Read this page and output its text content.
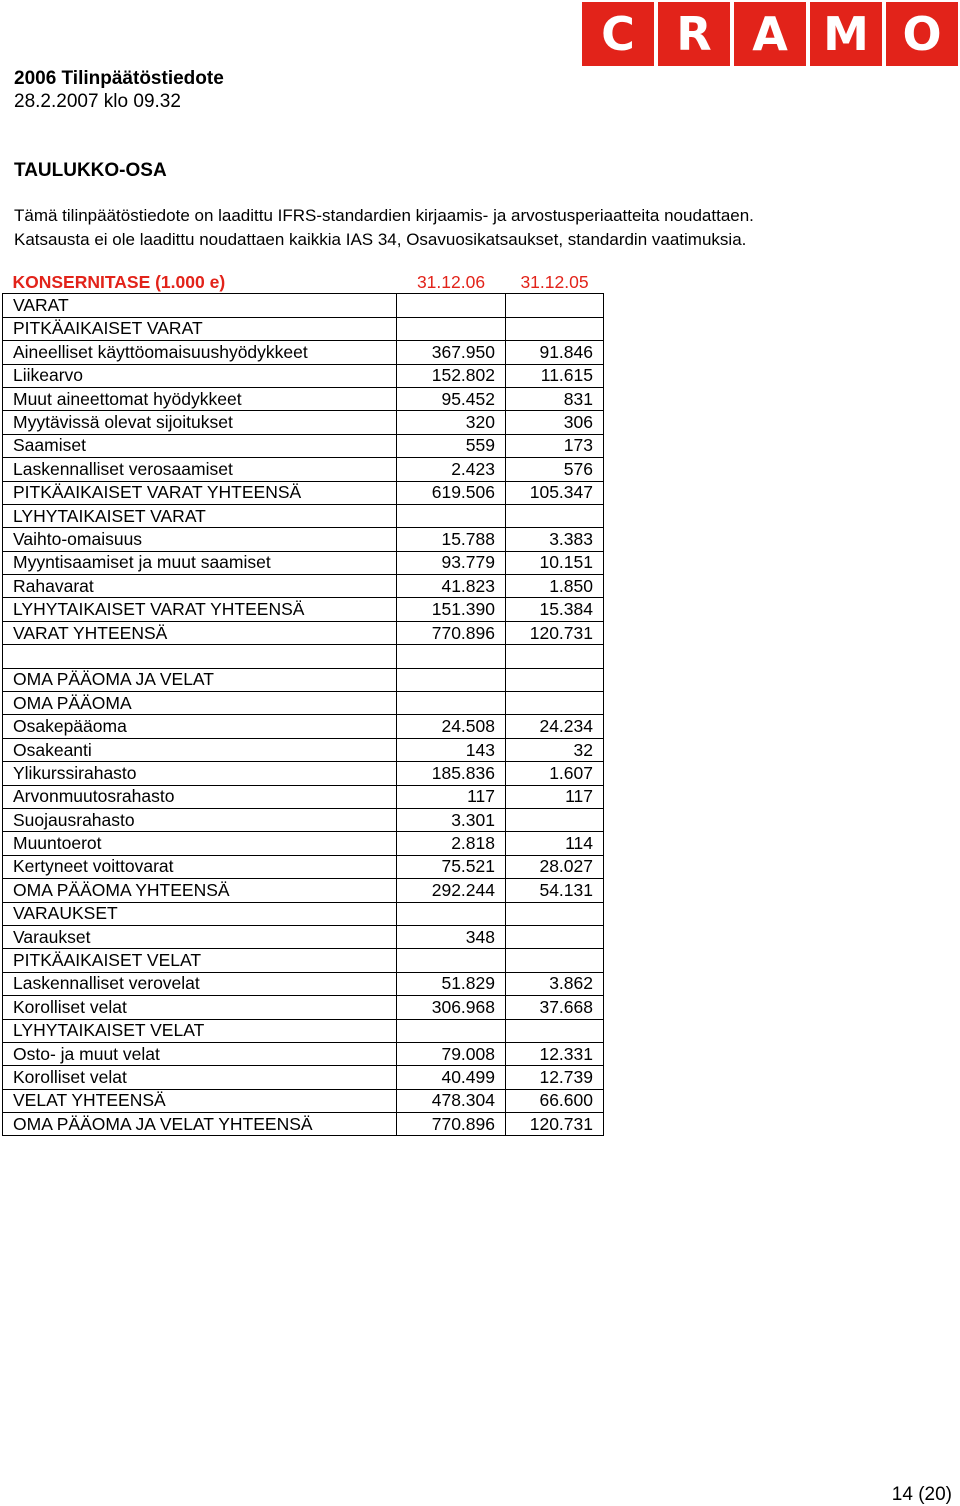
C R A M O
2006 Tilinpäätöstiedote
28.2.2007 klo 09.32
TAULUKKO-OSA
Tämä tilinpäätöstiedote on laadittu IFRS-standardien kirjaamis- ja arvostusperiaatteita noudattaen.
Katsausta ei ole laadittu noudattaen kaikkia IAS 34, Osavuosikatsaukset, standardin vaatimuksia.
KONSERNITASE (1.000 e)	31.12.06	31.12.05
VARAT		
PITKÄAIKAISET VARAT		
Aineelliset käyttöomaisuushyödykkeet	367.950	91.846
Liikearvo	152.802	11.615
Muut aineettomat hyödykkeet	95.452	831
Myytävissä olevat sijoitukset	320	306
Saamiset	559	173
Laskennalliset verosaamiset	2.423	576
PITKÄAIKAISET VARAT YHTEENSÄ	619.506	105.347
LYHYTAIKAISET VARAT		
Vaihto-omaisuus	15.788	3.383
Myyntisaamiset ja muut saamiset	93.779	10.151
Rahavarat	41.823	1.850
LYHYTAIKAISET VARAT YHTEENSÄ	151.390	15.384
VARAT YHTEENSÄ	770.896	120.731

OMA PÄÄOMA JA VELAT		
OMA PÄÄOMA		
Osakepääoma	24.508	24.234
Osakeanti	143	32
Ylikurssirahasto	185.836	1.607
Arvonmuutosrahasto	117	117
Suojausrahasto	3.301	
Muuntoerot	2.818	114
Kertyneet voittovarat	75.521	28.027
OMA PÄÄOMA YHTEENSÄ	292.244	54.131
VARAUKSET		
Varaukset	348	
PITKÄAIKAISET VELAT		
Laskennalliset verovelat	51.829	3.862
Korolliset velat	306.968	37.668
LYHYTAIKAISET VELAT		
Osto- ja muut velat	79.008	12.331
Korolliset velat	40.499	12.739
VELAT YHTEENSÄ	478.304	66.600
OMA PÄÄOMA JA VELAT YHTEENSÄ	770.896	120.731
14 (20)
